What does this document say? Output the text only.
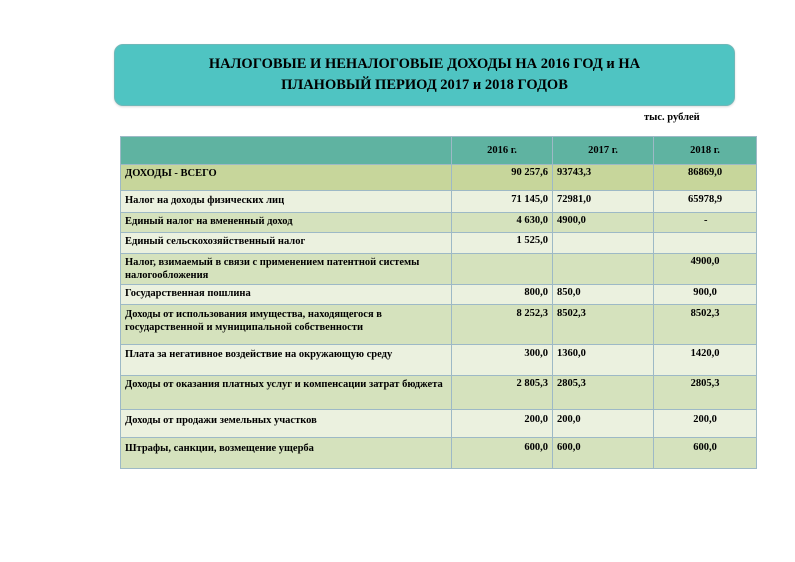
НАЛОГОВЫЕ И НЕНАЛОГОВЫЕ ДОХОДЫ НА 2016 ГОД и НА
ПЛАНОВЫЙ ПЕРИОД 2017 и 2018 ГОДОВ
тыс. рублей
	2016 г.	2017 г.	2018 г.
ДОХОДЫ - ВСЕГО	90 257,6	93743,3	86869,0
Налог на доходы физических лиц	71 145,0	72981,0	65978,9
Единый налог на вмененный доход	4 630,0	4900,0	-
Единый сельскохозяйственный налог	1 525,0		
Налог, взимаемый в связи с применением патентной системы налогообложения			4900,0
Государственная пошлина	800,0	850,0	900,0
Доходы от использования имущества, находящегося в государственной и муниципальной собственности	8 252,3	8502,3	8502,3
Плата за негативное воздействие на окружающую среду	300,0	1360,0	1420,0
Доходы от оказания платных услуг и компенсации затрат бюджета	2 805,3	2805,3	2805,3
Доходы от продажи земельных участков	200,0	200,0	200,0
Штрафы, санкции, возмещение ущерба	600,0	600,0	600,0
